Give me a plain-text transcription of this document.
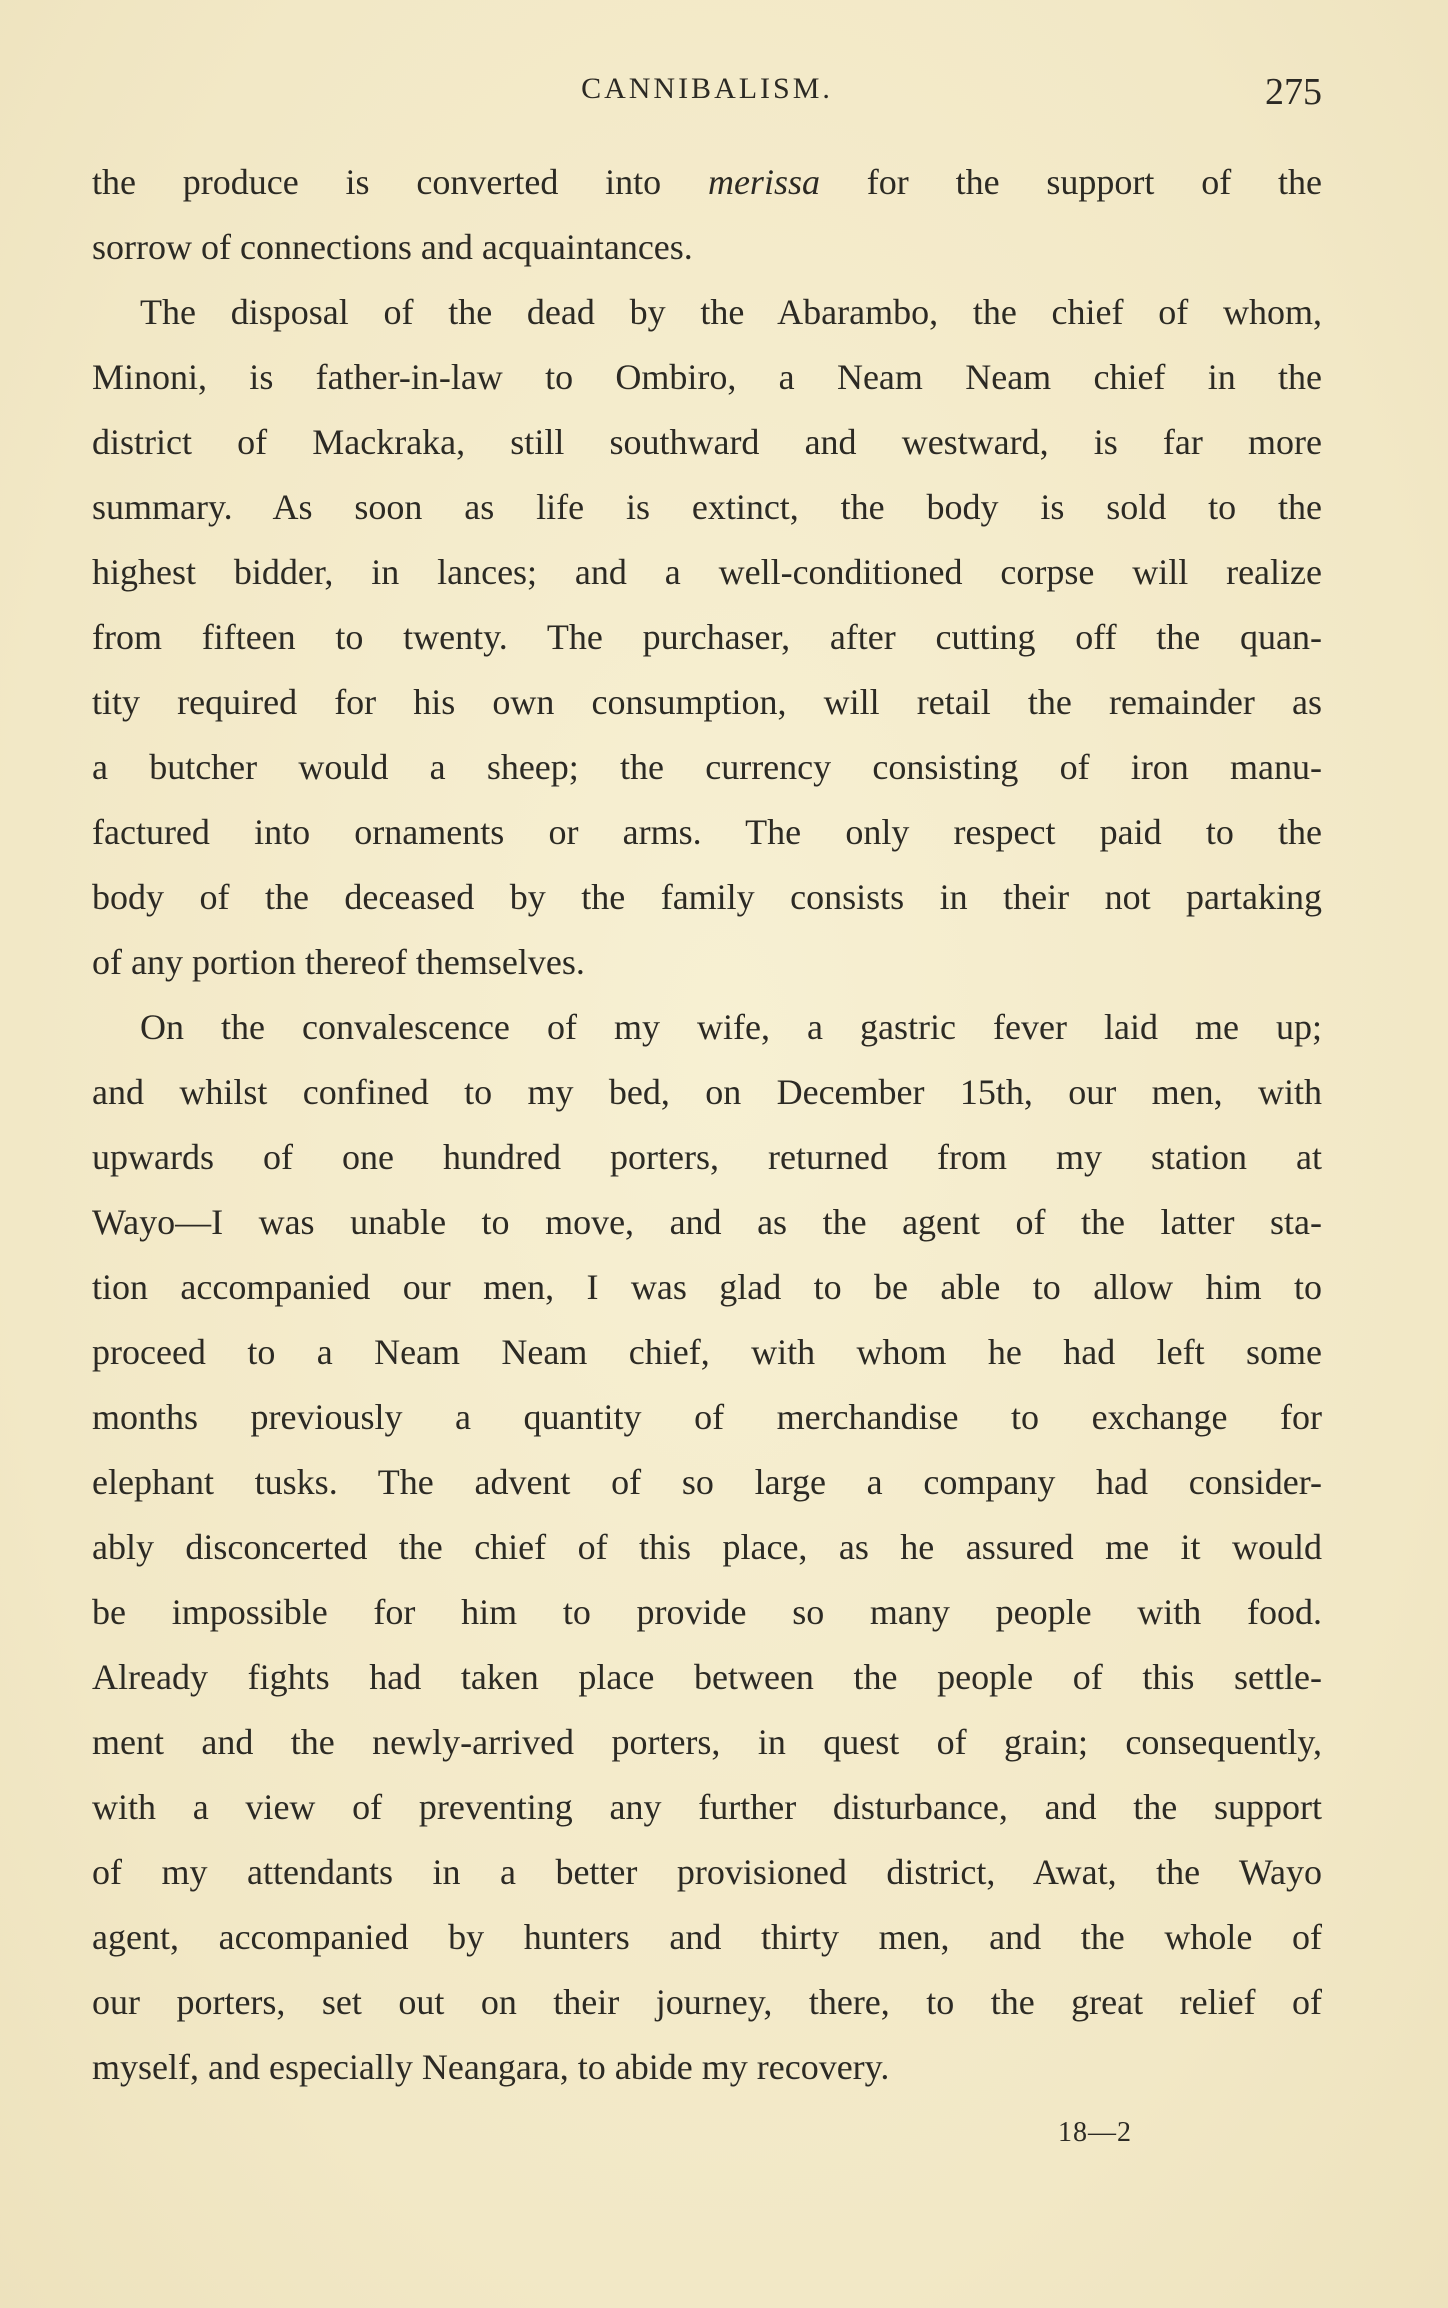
CANNIBALISM.	275
the produce is converted into merissa for the support of the
sorrow of connections and acquaintances.
The disposal of the dead by the Abarambo, the chief of whom,
Minoni, is father-in-law to Ombiro, a Neam Neam chief in the
district of Mackraka, still southward and westward, is far more
summary. As soon as life is extinct, the body is sold to the
highest bidder, in lances; and a well-conditioned corpse will realize
from fifteen to twenty. The purchaser, after cutting off the quan-
tity required for his own consumption, will retail the remainder as
a butcher would a sheep; the currency consisting of iron manu-
factured into ornaments or arms. The only respect paid to the
body of the deceased by the family consists in their not partaking
of any portion thereof themselves.
On the convalescence of my wife, a gastric fever laid me up;
and whilst confined to my bed, on December 15th, our men, with
upwards of one hundred porters, returned from my station at
Wayo—I was unable to move, and as the agent of the latter sta-
tion accompanied our men, I was glad to be able to allow him to
proceed to a Neam Neam chief, with whom he had left some
months previously a quantity of merchandise to exchange for
elephant tusks. The advent of so large a company had consider-
ably disconcerted the chief of this place, as he assured me it would
be impossible for him to provide so many people with food.
Already fights had taken place between the people of this settle-
ment and the newly-arrived porters, in quest of grain; consequently,
with a view of preventing any further disturbance, and the support
of my attendants in a better provisioned district, Awat, the Wayo
agent, accompanied by hunters and thirty men, and the whole of
our porters, set out on their journey, there, to the great relief of
myself, and especially Neangara, to abide my recovery.
18—2
